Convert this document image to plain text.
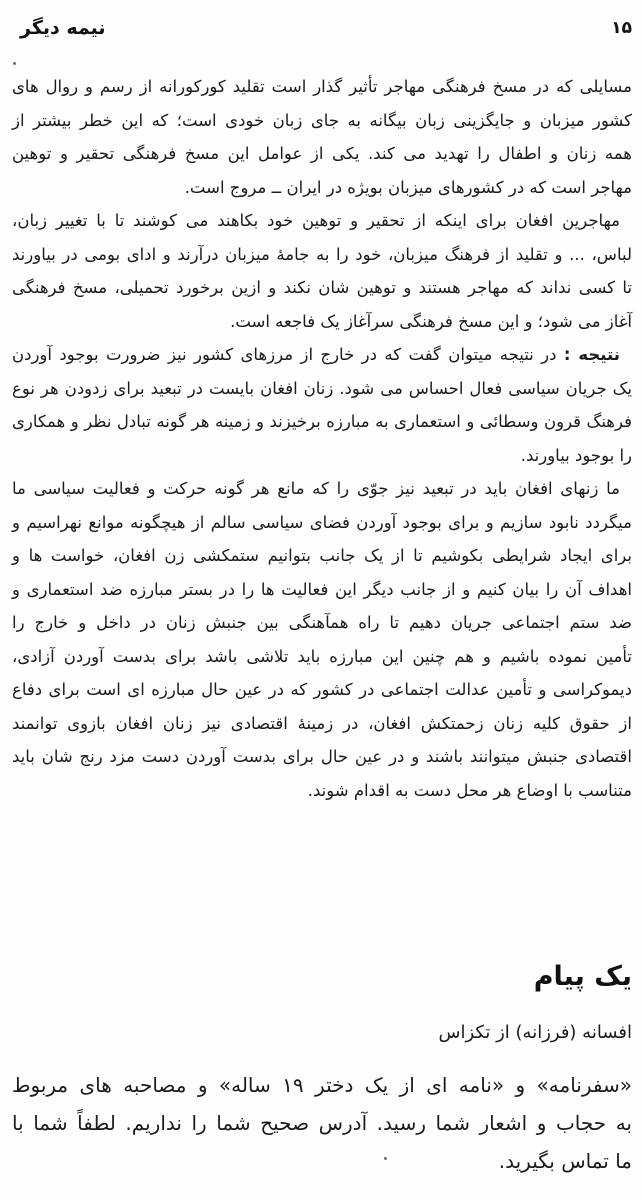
۱۵
نیمه دیگر
مسایلی که در مسخ فرهنگی مهاجر تأثیر گذار است تقلید کورکورانه از رسم و روال های
کشور میزبان و جایگزینی زبان بیگانه به جای زبان خودی است؛ که این خطر بیشتر از
همه زنان و اطفال را تهدید می کند. یکی از عوامل این مسخ فرهنگی تحقیر و توهین
مهاجر است که در کشورهای میزبان بویژه در ایران ــ مروج است.
مهاجرین افغان برای اینکه از تحقیر و توهین خود بکاهند می کوشند تا با تغییر زبان،
لباس، ... و تقلید از فرهنگ میزبان، خود را به جامهٔ میزبان درآرند و ادای بومی در بیاورند
تا کسی نداند که مهاجر هستند و توهین شان نکند و ازین برخورد تحمیلی، مسخ فرهنگی
آغاز می شود؛ و این مسخ فرهنگی سرآغاز یک فاجعه است.
نتیجه : در نتیجه میتوان گفت که در خارج از مرزهای کشور نیز ضرورت بوجود آوردن
یک جریان سیاسی فعال احساس می شود. زنان افغان بایست در تبعید برای زدودن هر نوع
فرهنگ قرون وسطائی و استعماری به مبارزه برخیزند و زمینه هر گونه تبادل نظر و همکاری
را بوجود بیاورند.
ما زنهای افغان باید در تبعید نیز جوّی را که مانع هر گونه حرکت و فعالیت سیاسی ما
میگردد نابود سازیم و برای بوجود آوردن فضای سیاسی سالم از هیچگونه موانع نهراسیم و
برای ایجاد شرایطی بکوشیم تا از یک جانب بتوانیم ستمکشی زن افغان، خواست ها و
اهداف آن را بیان کنیم و از جانب دیگر این فعالیت ها را در بستر مبارزه ضد استعماری و
ضد ستم اجتماعی جریان دهیم تا راه همآهنگی بین جنبش زنان در داخل و خارج را
تأمین نموده باشیم و هم چنین این مبارزه باید تلاشی باشد برای بدست آوردن آزادی،
دیموکراسی و تأمین عدالت اجتماعی در کشور که در عین حال مبارزه ای است برای دفاع
از حقوق کلیه زنان زحمتکش افغان، در زمینهٔ اقتصادی نیز زنان افغان بازوی توانمند
اقتصادی جنبش میتوانند باشند و در عین حال برای بدست آوردن دست مزد رنج شان باید
متناسب با اوضاع هر محل دست به اقدام شوند.
یک پیام
افسانه (فرزانه) از تکزاس
«سفرنامه» و «نامه ای از یک دختر ۱۹ ساله» و مصاحبه های مربوط
به حجاب و اشعار شما رسید. آدرس صحیح شما را نداریم. لطفاً شما با
ما تماس بگیرید.
